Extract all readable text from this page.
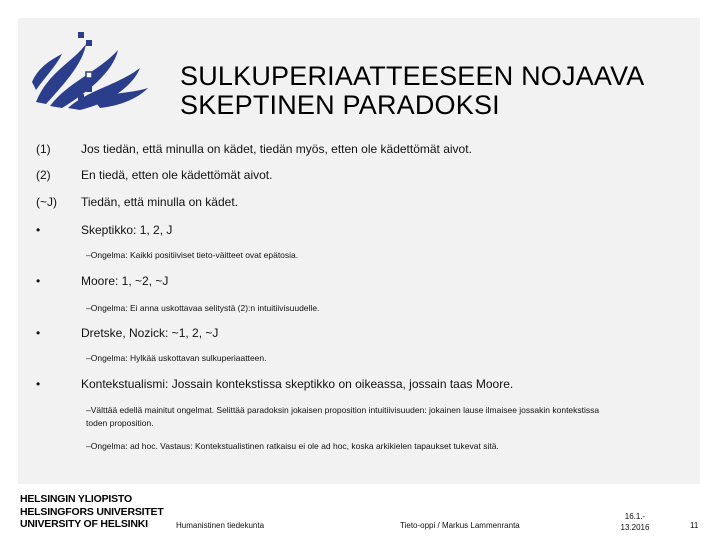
SULKUPERIAATTEESEEN NOJAAVA
SKEPTINEN PARADOKSI
(1)	Jos tiedän, että minulla on kädet, tiedän myös, etten ole kädettömät aivot.
(2)	En tiedä, etten ole kädettömät aivot.
(~J)	Tiedän, että minulla on kädet.
•	Skeptikko: 1, 2, J
–Ongelma: Kaikki positiiviset tieto-väitteet ovat epätosia.
•	Moore: 1, ~2, ~J
–Ongelma: Ei anna uskottavaa selitystä (2):n intuitiivisuudelle.
•	Dretske, Nozick: ~1, 2, ~J
–Ongelma: Hylkää uskottavan sulkuperiaatteen.
•	Kontekstualismi: Jossain kontekstissa skeptikko on oikeassa, jossain taas Moore.
–Välttää edellä mainitut ongelmat. Selittää paradoksin jokaisen proposition intuitiivisuuden: jokainen lause ilmaisee jossakin kontekstissa
toden proposition.
–Ongelma: ad hoc. Vastaus: Kontekstualistinen ratkaisu ei ole ad hoc, koska arkikielen tapaukset tukevat sitä.
HELSINGIN YLIOPISTO
HELSINGFORS UNIVERSITET
UNIVERSITY OF HELSINKI	Humanistinen tiedekunta	Tieto-oppi / Markus Lammenranta
16.1.-
13.2016	11
